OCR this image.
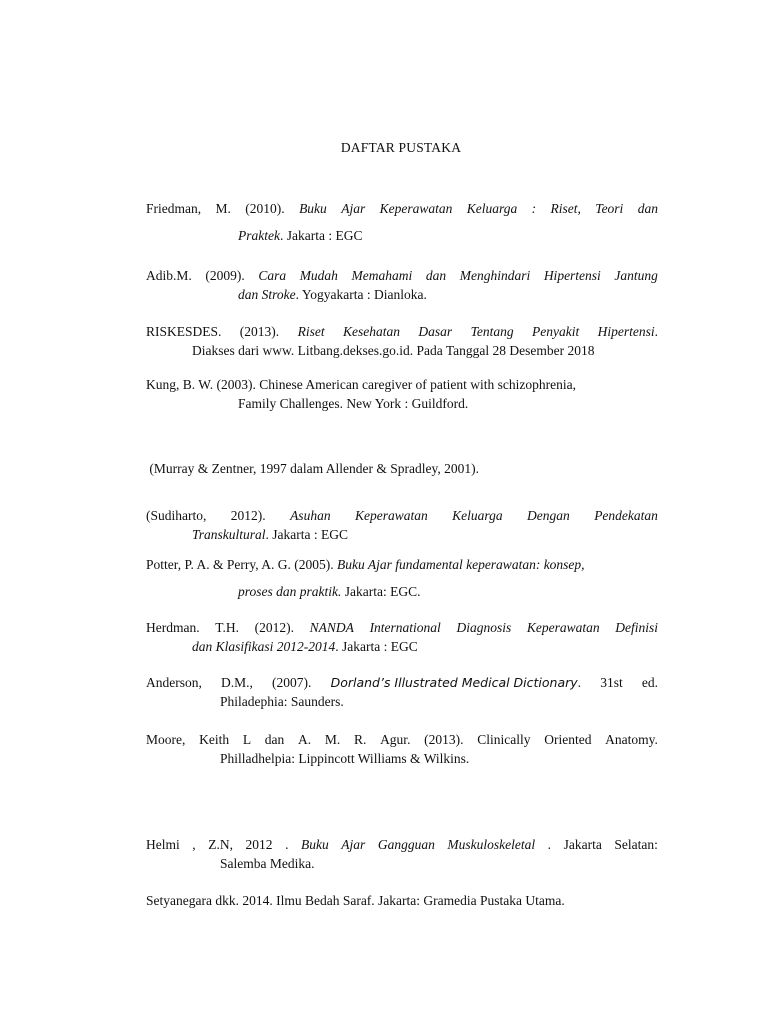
DAFTAR PUSTAKA
Friedman, M. (2010). Buku Ajar Keperawatan Keluarga : Riset, Teori dan
Praktek. Jakarta : EGC
Adib.M. (2009). Cara Mudah Memahami dan Menghindari Hipertensi Jantung
dan Stroke. Yogyakarta : Dianloka.
RISKESDES. (2013). Riset Kesehatan Dasar Tentang Penyakit Hipertensi.
Diakses dari www. Litbang.dekses.go.id. Pada Tanggal 28 Desember 2018
Kung, B. W. (2003). Chinese American caregiver of patient with schizophrenia,
Family Challenges. New York : Guildford.
(Murray & Zentner, 1997 dalam Allender & Spradley, 2001).
(Sudiharto, 2012). Asuhan Keperawatan Keluarga Dengan Pendekatan
Transkultural. Jakarta : EGC
Potter, P. A. & Perry, A. G. (2005). Buku Ajar fundamental keperawatan: konsep,
proses dan praktik. Jakarta: EGC.
Herdman. T.H. (2012). NANDA International Diagnosis Keperawatan Definisi
dan Klasifikasi 2012-2014. Jakarta : EGC
Anderson, D.M., (2007). Dorland’s Illustrated Medical Dictionary. 31st ed.
Philadephia: Saunders.
Moore, Keith L dan A. M. R. Agur. (2013). Clinically Oriented Anatomy.
Philladhelpia: Lippincott Williams & Wilkins.
Helmi , Z.N, 2012 . Buku Ajar Gangguan Muskuloskeletal . Jakarta Selatan:
Salemba Medika.
Setyanegara dkk. 2014. Ilmu Bedah Saraf. Jakarta: Gramedia Pustaka Utama.
